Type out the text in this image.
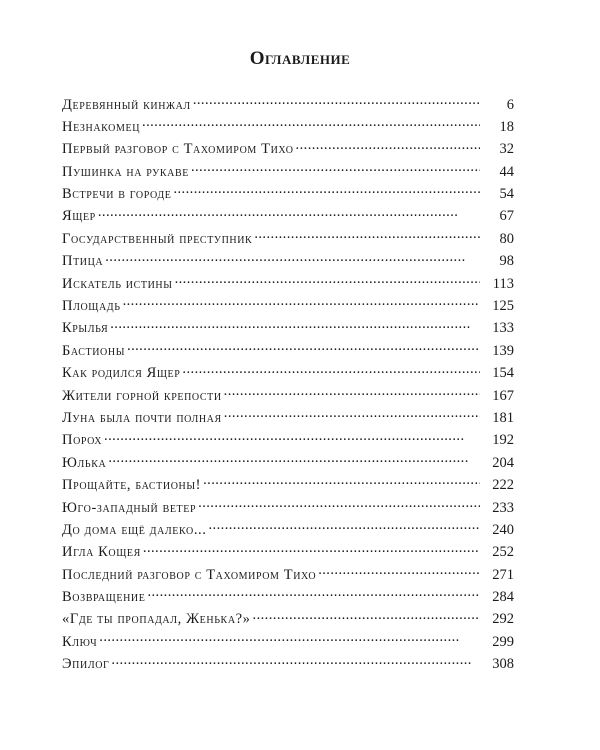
Оглавление
Деревянный кинжал . . .	6
Незнакомец . . .	18
Первый разговор с Тахомиром Тихо . . .	32
Пушинка на рукаве . . .	44
Встречи в городе . . .	54
Ящер . . .	67
Государственный преступник . . .	80
Птица . . .	98
Искатель истины . . .	113
Площадь . . .	125
Крылья . . .	133
Бастионы . . .	139
Как родился Ящер . . .	154
Жители горной крепости . . .	167
Луна была почти полная . . .	181
Порох . . .	192
Юлька . . .	204
Прощайте, бастионы! . . .	222
Юго-западный ветер . . .	233
До дома ещё далеко... . . .	240
Игла Кощея . . .	252
Последний разговор с Тахомиром Тихо . . .	271
Возвращение . . .	284
«Где ты пропадал, Женька?» . . .	292
Ключ . . .	299
Эпилог . . .	308
